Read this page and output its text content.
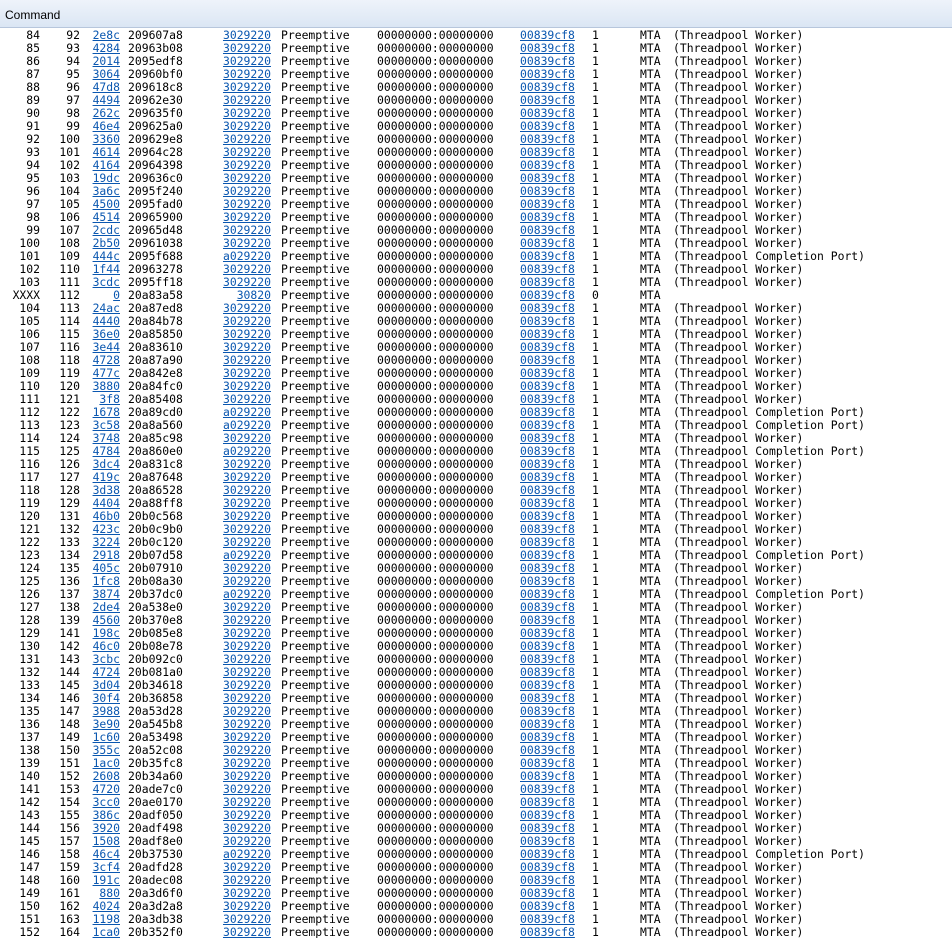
Command
84	92	2e8c 209607a8	3029220 Preemptive 00000000:00000000 00839cf8 1	MTA (Threadpool Worker)
85	93	4284 20963b08	3029220 Preemptive 00000000:00000000 00839cf8 1	MTA (Threadpool Worker)
86	94	2014 2095edf8	3029220 Preemptive 00000000:00000000 00839cf8 1	MTA (Threadpool Worker)
87	95	3064 20960bf0	3029220 Preemptive 00000000:00000000 00839cf8 1	MTA (Threadpool Worker)
88	96	47d8 209618c8	3029220 Preemptive 00000000:00000000 00839cf8 1	MTA (Threadpool Worker)
89	97	4494 20962e30	3029220 Preemptive 00000000:00000000 00839cf8 1	MTA (Threadpool Worker)
90	98	262c 209635f0	3029220 Preemptive 00000000:00000000 00839cf8 1	MTA (Threadpool Worker)
91	99	46e4 209625a0	3029220 Preemptive 00000000:00000000 00839cf8 1	MTA (Threadpool Worker)
92	100	3360 209629e8	3029220 Preemptive 00000000:00000000 00839cf8 1	MTA (Threadpool Worker)
93	101	4614 20964c28	3029220 Preemptive 00000000:00000000 00839cf8 1	MTA (Threadpool Worker)
94	102	4164 20964398	3029220 Preemptive 00000000:00000000 00839cf8 1	MTA (Threadpool Worker)
95	103	19dc 209636c0	3029220 Preemptive 00000000:00000000 00839cf8 1	MTA (Threadpool Worker)
96	104	3a6c 2095f240	3029220 Preemptive 00000000:00000000 00839cf8 1	MTA (Threadpool Worker)
97	105	4500 2095fad0	3029220 Preemptive 00000000:00000000 00839cf8 1	MTA (Threadpool Worker)
98	106	4514 20965900	3029220 Preemptive 00000000:00000000 00839cf8 1	MTA (Threadpool Worker)
99	107	2cdc 20965d48	3029220 Preemptive 00000000:00000000 00839cf8 1	MTA (Threadpool Worker)
100	108	2b50 20961038	3029220 Preemptive 00000000:00000000 00839cf8 1	MTA (Threadpool Worker)
101	109	444c 2095f688	a029220 Preemptive 00000000:00000000 00839cf8 1	MTA (Threadpool Completion Port)
102	110	1f44 20963278	3029220 Preemptive 00000000:00000000 00839cf8 1	MTA (Threadpool Worker)
103	111	3cdc 2095ff18	3029220 Preemptive 00000000:00000000 00839cf8 1	MTA (Threadpool Worker)
XXXX	112	0 20a83a58	30820 Preemptive 00000000:00000000 00839cf8 0	MTA
104	113	24ac 20a87ed8	3029220 Preemptive 00000000:00000000 00839cf8 1	MTA (Threadpool Worker)
105	114	4440 20a84b78	3029220 Preemptive 00000000:00000000 00839cf8 1	MTA (Threadpool Worker)
106	115	36e0 20a85850	3029220 Preemptive 00000000:00000000 00839cf8 1	MTA (Threadpool Worker)
107	116	3e44 20a83610	3029220 Preemptive 00000000:00000000 00839cf8 1	MTA (Threadpool Worker)
108	118	4728 20a87a90	3029220 Preemptive 00000000:00000000 00839cf8 1	MTA (Threadpool Worker)
109	119	477c 20a842e8	3029220 Preemptive 00000000:00000000 00839cf8 1	MTA (Threadpool Worker)
110	120	3880 20a84fc0	3029220 Preemptive 00000000:00000000 00839cf8 1	MTA (Threadpool Worker)
111	121	3f8 20a85408	3029220 Preemptive 00000000:00000000 00839cf8 1	MTA (Threadpool Worker)
112	122	1678 20a89cd0	a029220 Preemptive 00000000:00000000 00839cf8 1	MTA (Threadpool Completion Port)
113	123	3c58 20a8a560	a029220 Preemptive 00000000:00000000 00839cf8 1	MTA (Threadpool Completion Port)
114	124	3748 20a85c98	3029220 Preemptive 00000000:00000000 00839cf8 1	MTA (Threadpool Worker)
115	125	4784 20a860e0	a029220 Preemptive 00000000:00000000 00839cf8 1	MTA (Threadpool Completion Port)
116	126	3dc4 20a831c8	3029220 Preemptive 00000000:00000000 00839cf8 1	MTA (Threadpool Worker)
117	127	419c 20a87648	3029220 Preemptive 00000000:00000000 00839cf8 1	MTA (Threadpool Worker)
118	128	3d38 20a86528	3029220 Preemptive 00000000:00000000 00839cf8 1	MTA (Threadpool Worker)
119	129	4404 20a88ff8	3029220 Preemptive 00000000:00000000 00839cf8 1	MTA (Threadpool Worker)
120	131	46b0 20b0c568	3029220 Preemptive 00000000:00000000 00839cf8 1	MTA (Threadpool Worker)
121	132	423c 20b0c9b0	3029220 Preemptive 00000000:00000000 00839cf8 1	MTA (Threadpool Worker)
122	133	3224 20b0c120	3029220 Preemptive 00000000:00000000 00839cf8 1	MTA (Threadpool Worker)
123	134	2918 20b07d58	a029220 Preemptive 00000000:00000000 00839cf8 1	MTA (Threadpool Completion Port)
124	135	405c 20b07910	3029220 Preemptive 00000000:00000000 00839cf8 1	MTA (Threadpool Worker)
125	136	1fc8 20b08a30	3029220 Preemptive 00000000:00000000 00839cf8 1	MTA (Threadpool Worker)
126	137	3874 20b37dc0	a029220 Preemptive 00000000:00000000 00839cf8 1	MTA (Threadpool Completion Port)
127	138	2de4 20a538e0	3029220 Preemptive 00000000:00000000 00839cf8 1	MTA (Threadpool Worker)
128	139	4560 20b370e8	3029220 Preemptive 00000000:00000000 00839cf8 1	MTA (Threadpool Worker)
129	141	198c 20b085e8	3029220 Preemptive 00000000:00000000 00839cf8 1	MTA (Threadpool Worker)
130	142	46c0 20b08e78	3029220 Preemptive 00000000:00000000 00839cf8 1	MTA (Threadpool Worker)
131	143	3cbc 20b092c0	3029220 Preemptive 00000000:00000000 00839cf8 1	MTA (Threadpool Worker)
132	144	4724 20b081a0	3029220 Preemptive 00000000:00000000 00839cf8 1	MTA (Threadpool Worker)
133	145	3d04 20b34618	3029220 Preemptive 00000000:00000000 00839cf8 1	MTA (Threadpool Worker)
134	146	30f4 20b36858	3029220 Preemptive 00000000:00000000 00839cf8 1	MTA (Threadpool Worker)
135	147	3988 20a53d28	3029220 Preemptive 00000000:00000000 00839cf8 1	MTA (Threadpool Worker)
136	148	3e90 20a545b8	3029220 Preemptive 00000000:00000000 00839cf8 1	MTA (Threadpool Worker)
137	149	1c60 20a53498	3029220 Preemptive 00000000:00000000 00839cf8 1	MTA (Threadpool Worker)
138	150	355c 20a52c08	3029220 Preemptive 00000000:00000000 00839cf8 1	MTA (Threadpool Worker)
139	151	1ac0 20b35fc8	3029220 Preemptive 00000000:00000000 00839cf8 1	MTA (Threadpool Worker)
140	152	2608 20b34a60	3029220 Preemptive 00000000:00000000 00839cf8 1	MTA (Threadpool Worker)
141	153	4720 20ade7c0	3029220 Preemptive 00000000:00000000 00839cf8 1	MTA (Threadpool Worker)
142	154	3cc0 20ae0170	3029220 Preemptive 00000000:00000000 00839cf8 1	MTA (Threadpool Worker)
143	155	386c 20adf050	3029220 Preemptive 00000000:00000000 00839cf8 1	MTA (Threadpool Worker)
144	156	3920 20adf498	3029220 Preemptive 00000000:00000000 00839cf8 1	MTA (Threadpool Worker)
145	157	1508 20adf8e0	3029220 Preemptive 00000000:00000000 00839cf8 1	MTA (Threadpool Worker)
146	158	46c4 20b37530	a029220 Preemptive 00000000:00000000 00839cf8 1	MTA (Threadpool Completion Port)
147	159	3cf4 20adfd28	3029220 Preemptive 00000000:00000000 00839cf8 1	MTA (Threadpool Worker)
148	160	191c 20adec08	3029220 Preemptive 00000000:00000000 00839cf8 1	MTA (Threadpool Worker)
149	161	880 20a3d6f0	3029220 Preemptive 00000000:00000000 00839cf8 1	MTA (Threadpool Worker)
150	162	4024 20a3d2a8	3029220 Preemptive 00000000:00000000 00839cf8 1	MTA (Threadpool Worker)
151	163	1198 20a3db38	3029220 Preemptive 00000000:00000000 00839cf8 1	MTA (Threadpool Worker)
152	164	1ca0 20b352f0	3029220 Preemptive 00000000:00000000 00839cf8 1	MTA (Threadpool Worker)
